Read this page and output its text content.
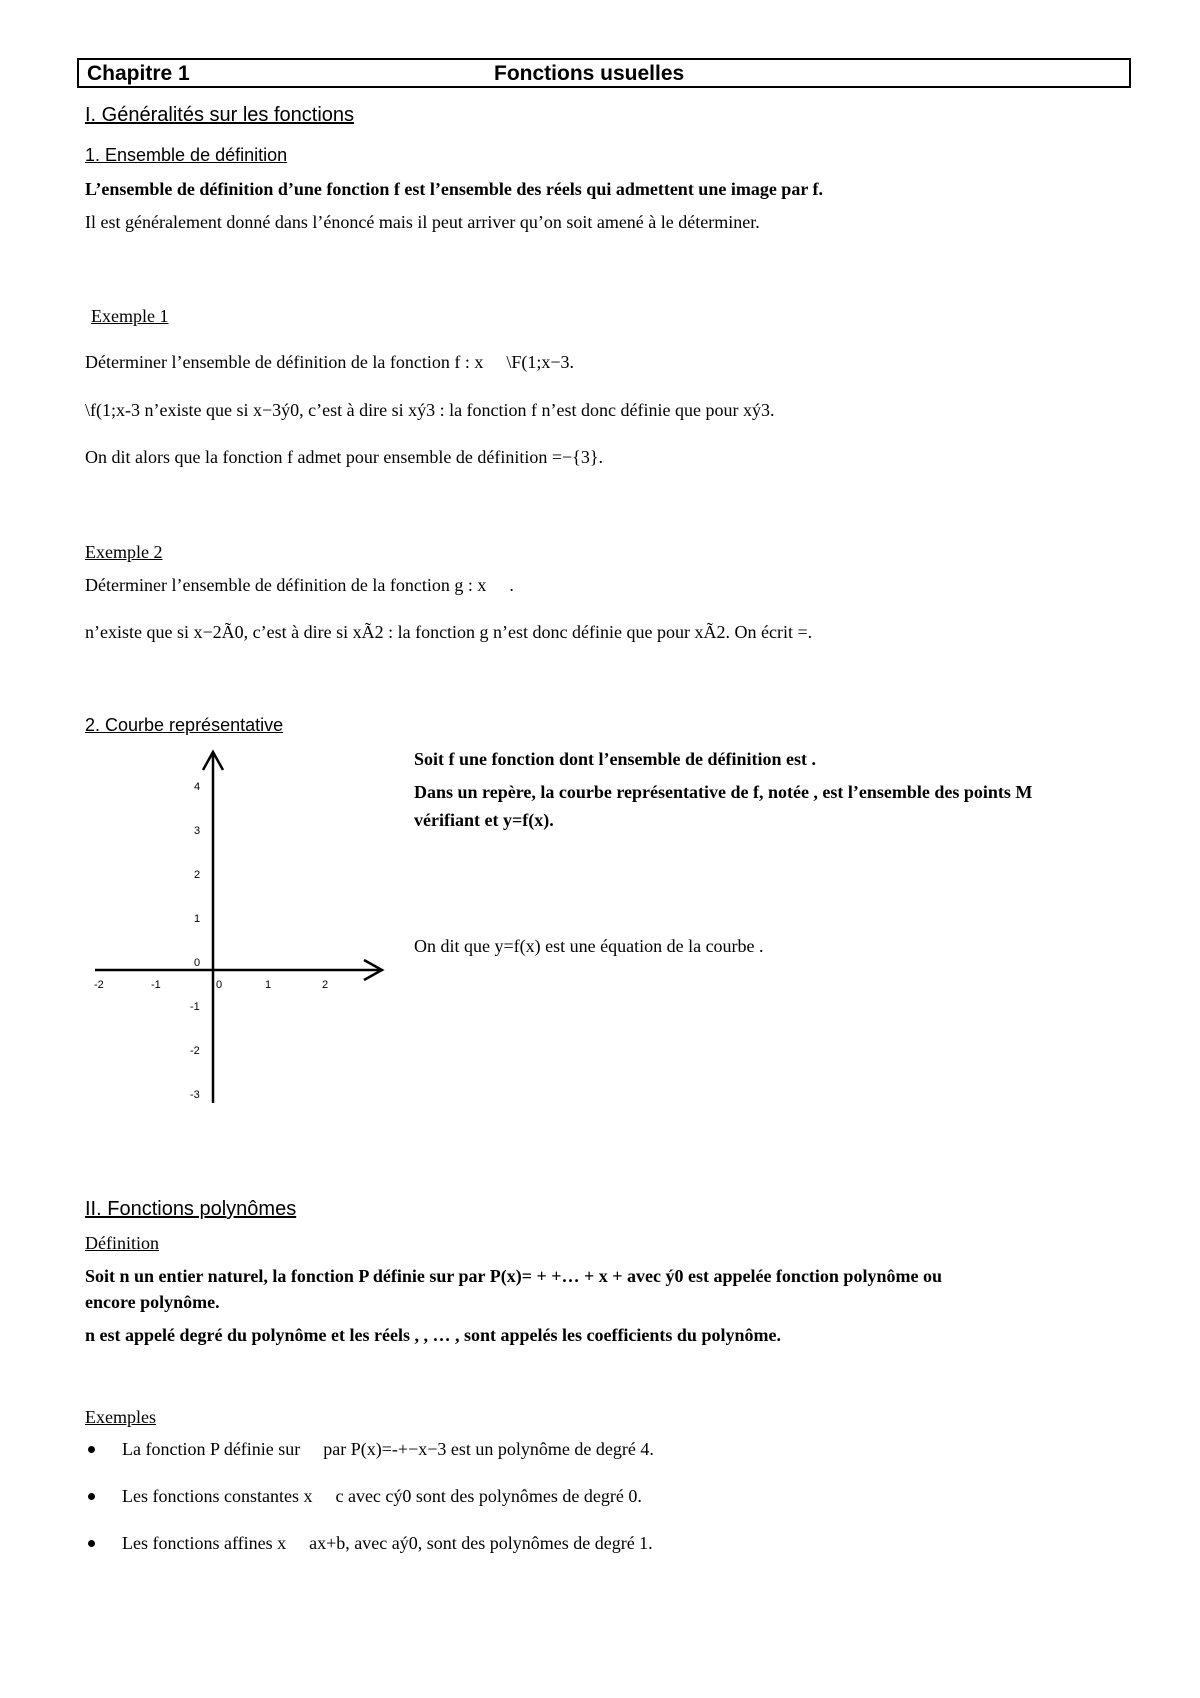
Chapitre 1	Fonctions usuelles
I. Généralités sur les fonctions
1. Ensemble de définition
L’ensemble de définition d’une fonction f est l’ensemble des réels qui admettent une image par f.
Il est généralement donné dans l’énoncé mais il peut arriver qu’on soit amené à le déterminer.
Exemple 1
Déterminer l’ensemble de définition de la fonction f : x \F(1;x−3.
\f(1;x-3 n’existe que si x−3ý0, c’est à dire si xý3 : la fonction f n’est donc définie que pour xý3.
On dit alors que la fonction f admet pour ensemble de définition =−{3}.
Exemple 2
Déterminer l’ensemble de définition de la fonction g : x .
n’existe que si x−2Ã0, c’est à dire si xÃ2 : la fonction g n’est donc définie que pour xÃ2. On écrit =.
2. Courbe représentative
-2	-1	0	1	2
4
3
2
1
0
-1
-2
-3
Soit f une fonction dont l’ensemble de définition est .
Dans un repère, la courbe représentative de f, notée , est l’ensemble des points M
vérifiant et y=f(x).
On dit que y=f(x) est une équation de la courbe .
II. Fonctions polynômes
Définition
Soit n un entier naturel, la fonction P définie sur par P(x)= + +… + x + avec ý0 est appelée fonction polynôme ou
encore polynôme.
n est appelé degré du polynôme et les réels , , … , sont appelés les coefficients du polynôme.
Exemples
La fonction P définie sur par P(x)=-+−x−3 est un polynôme de degré 4.
Les fonctions constantes x c avec cý0 sont des polynômes de degré 0.
Les fonctions affines x ax+b, avec aý0, sont des polynômes de degré 1.
